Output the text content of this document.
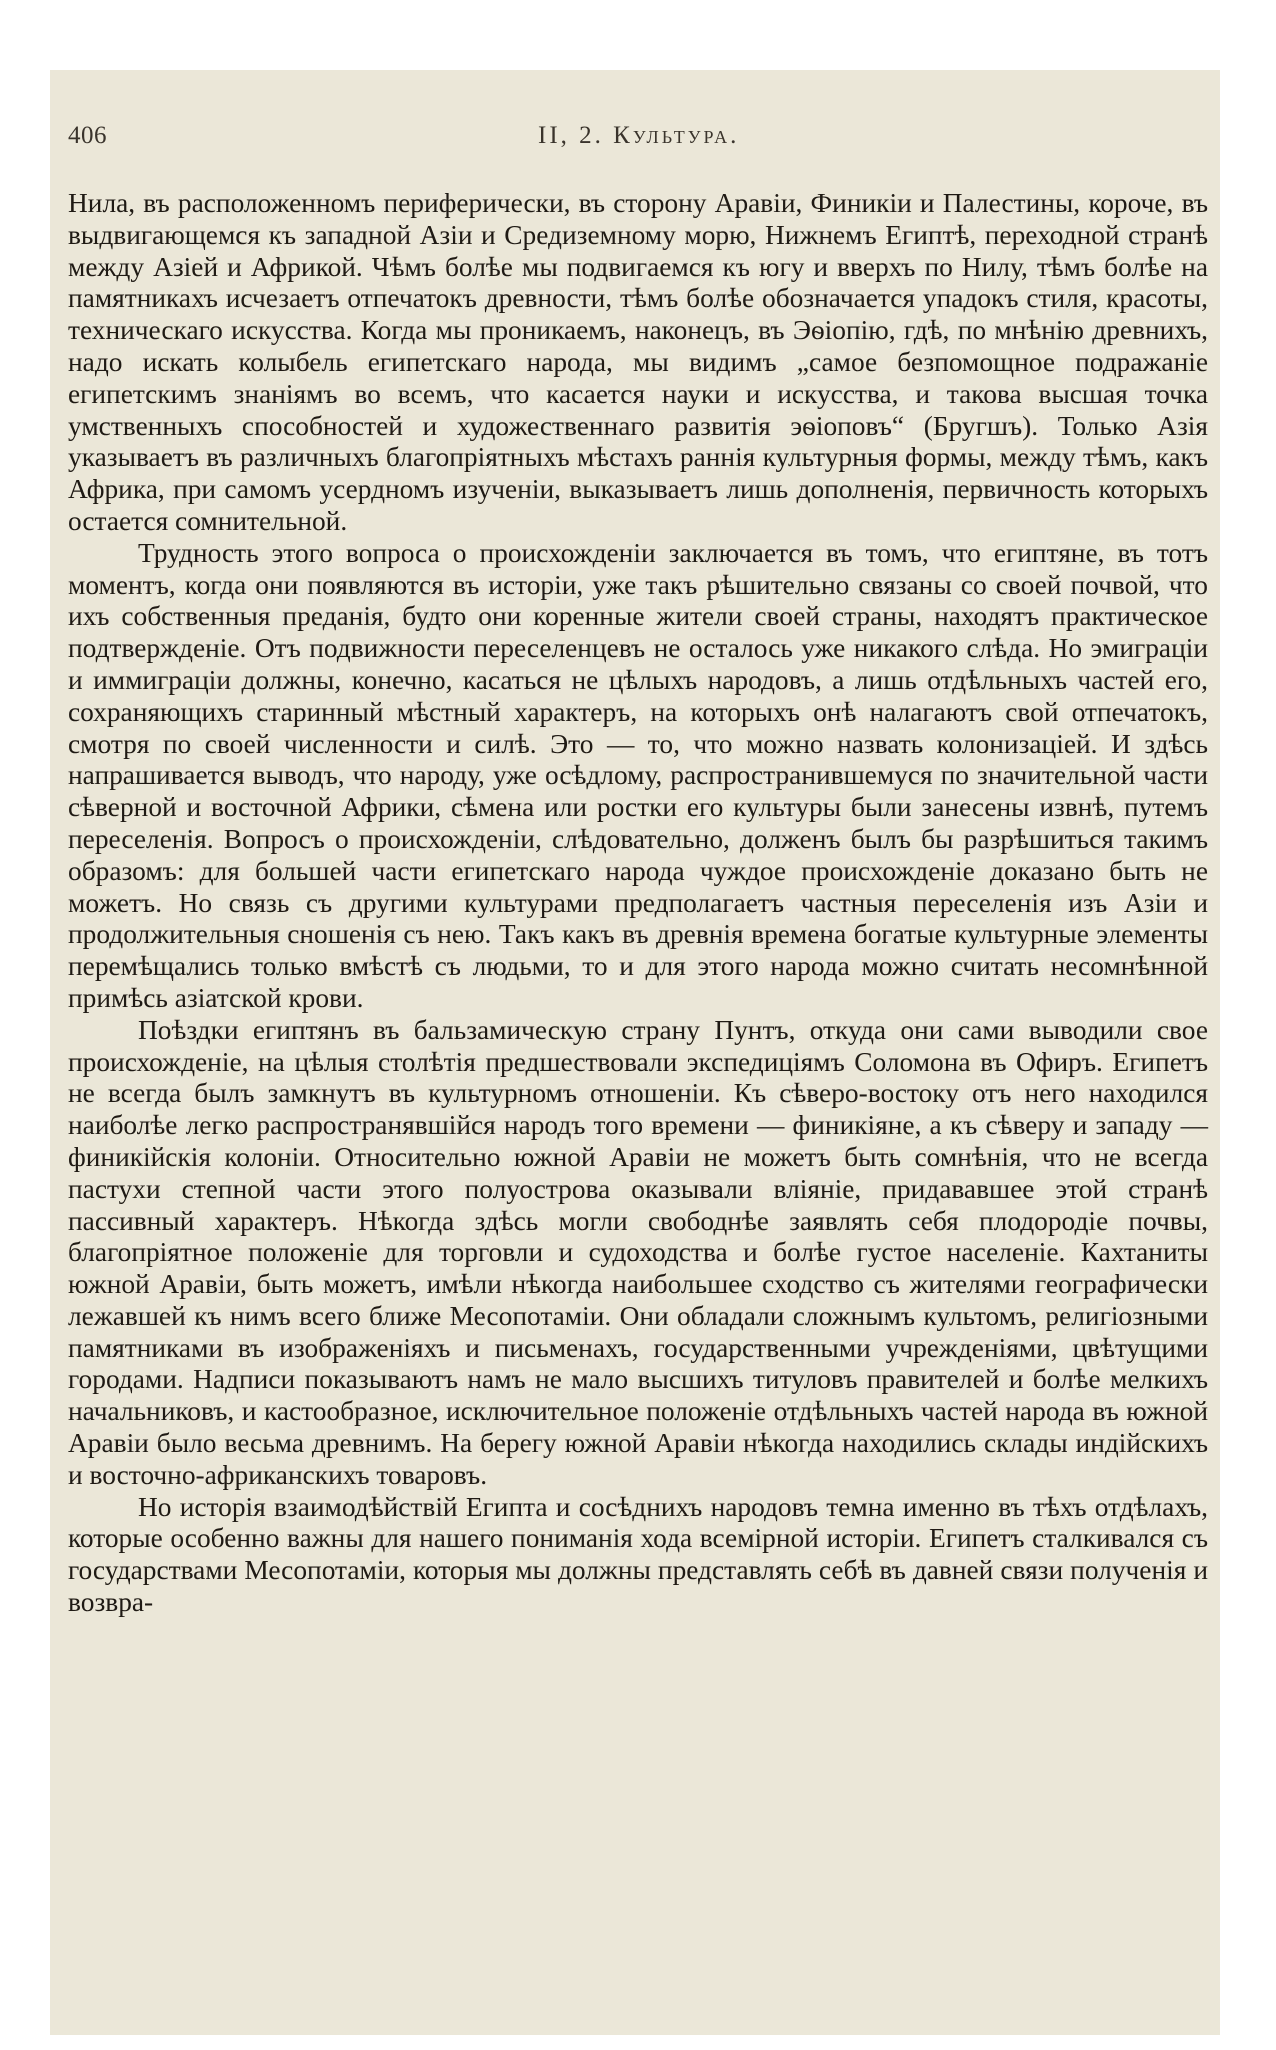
406	II, 2. Культура.

Нила, въ расположенномъ периферически, въ сторону Аравіи, Финикіи и Палестины, короче, въ выдвигающемся къ западной Азіи и Средиземному морю, Нижнемъ Египтѣ, переходной странѣ между Азіей и Африкой. Чѣмъ болѣе мы подвигаемся къ югу и вверхъ по Нилу, тѣмъ болѣе на памятникахъ исчезаетъ отпечатокъ древности, тѣмъ болѣе обозначается упадокъ стиля, красоты, техническаго искусства. Когда мы проникаемъ, наконецъ, въ Эѳіопію, гдѣ, по мнѣнію древнихъ, надо искать колыбель египетскаго народа, мы видимъ „самое безпомощное подражаніе египетскимъ знаніямъ во всемъ, что касается науки и искусства, и такова высшая точка умственныхъ способностей и художественнаго развитія эѳіоповъ“ (Бругшъ). Только Азія указываетъ въ различныхъ благопріятныхъ мѣстахъ раннія культурныя формы, между тѣмъ, какъ Африка, при самомъ усердномъ изученіи, выказываетъ лишь дополненія, первичность которыхъ остается сомнительной.

Трудность этого вопроса о происхожденіи заключается въ томъ, что египтяне, въ тотъ моментъ, когда они появляются въ исторіи, уже такъ рѣшительно связаны со своей почвой, что ихъ собственныя преданія, будто они коренные жители своей страны, находятъ практическое подтвержденіе. Отъ подвижности переселенцевъ не осталось уже никакого слѣда. Но эмиграціи и иммиграціи должны, конечно, касаться не цѣлыхъ народовъ, а лишь отдѣльныхъ частей его, сохраняющихъ старинный мѣстный характеръ, на которыхъ онѣ налагаютъ свой отпечатокъ, смотря по своей численности и силѣ. Это — то, что можно назвать колонизаціей. И здѣсь напрашивается выводъ, что народу, уже осѣдлому, распространившемуся по значительной части сѣверной и восточной Африки, сѣмена или ростки его культуры были занесены извнѣ, путемъ переселенія. Вопросъ о происхожденіи, слѣдовательно, долженъ былъ бы разрѣшиться такимъ образомъ: для большей части египетскаго народа чуждое происхожденіе доказано быть не можетъ. Но связь съ другими культурами предполагаетъ частныя переселенія изъ Азіи и продолжительныя сношенія съ нею. Такъ какъ въ древнія времена богатые культурные элементы перемѣщались только вмѣстѣ съ людьми, то и для этого народа можно считать несомнѣнной примѣсь азіатской крови.

Поѣздки египтянъ въ бальзамическую страну Пунтъ, откуда они сами выводили свое происхожденіе, на цѣлыя столѣтія предшествовали экспедиціямъ Соломона въ Офиръ. Египетъ не всегда былъ замкнутъ въ культурномъ отношеніи. Къ сѣверо-востоку отъ него находился наиболѣе легко распространявшійся народъ того времени — финикіяне, а къ сѣверу и западу — финикійскія колоніи. Относительно южной Аравіи не можетъ быть сомнѣнія, что не всегда пастухи степной части этого полуострова оказывали вліяніе, придававшее этой странѣ пассивный характеръ. Нѣкогда здѣсь могли свободнѣе заявлять себя плодородіе почвы, благопріятное положеніе для торговли и судоходства и болѣе густое населеніе. Кахтаниты южной Аравіи, быть можетъ, имѣли нѣкогда наибольшее сходство съ жителями географически лежавшей къ нимъ всего ближе Месопотаміи. Они обладали сложнымъ культомъ, религіозными памятниками въ изображеніяхъ и письменахъ, государственными учрежденіями, цвѣтущими городами. Надписи показываютъ намъ не мало высшихъ титуловъ правителей и болѣе мелкихъ начальниковъ, и кастообразное, исключительное положеніе отдѣльныхъ частей народа въ южной Аравіи было весьма древнимъ. На берегу южной Аравіи нѣкогда находились склады индійскихъ и восточно-африканскихъ товаровъ.

Но исторія взаимодѣйствій Египта и сосѣднихъ народовъ темна именно въ тѣхъ отдѣлахъ, которые особенно важны для нашего пониманія хода всемірной исторіи. Египетъ сталкивался съ государствами Месопотаміи, которыя мы должны представлять себѣ въ давней связи полученія и возвра-
